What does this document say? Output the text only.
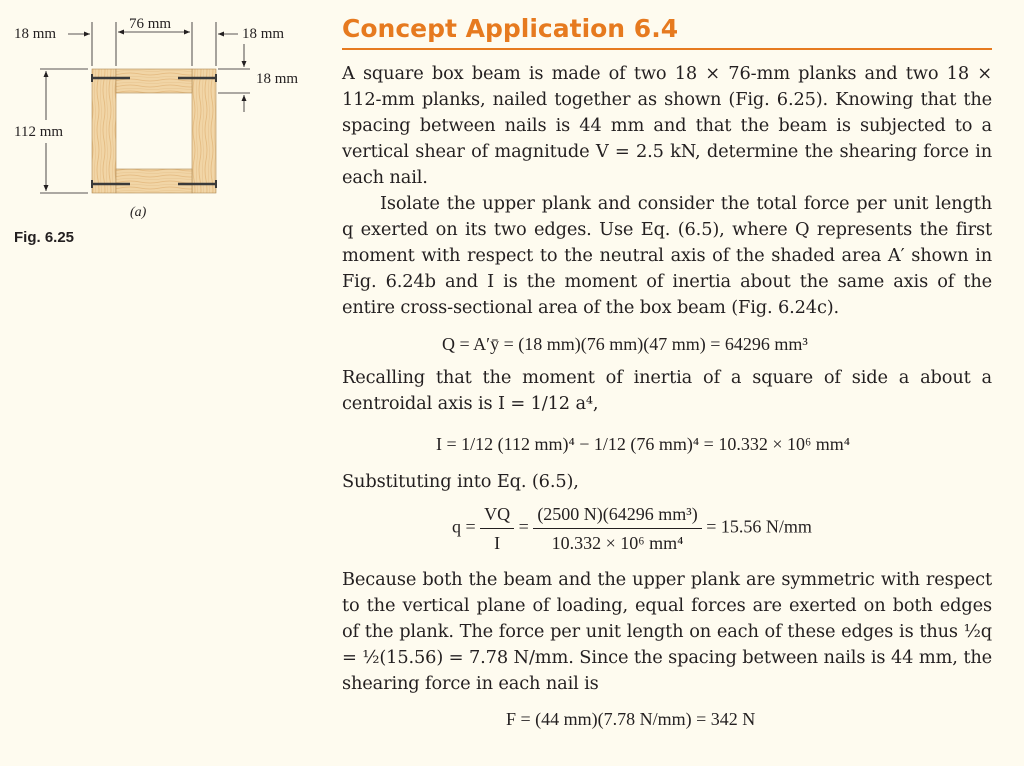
18 mm
76 mm
18 mm
18 mm
112 mm
(a)
Fig. 6.25
Concept Application 6.4

A square box beam is made of two 18 × 76-mm planks and two 18 × 112-mm planks, nailed together as shown (Fig. 6.25). Knowing that the spacing between nails is 44 mm and that the beam is subjected to a vertical shear of magnitude V = 2.5 kN, determine the shearing force in each nail.

Isolate the upper plank and consider the total force per unit length q exerted on its two edges. Use Eq. (6.5), where Q represents the first moment with respect to the neutral axis of the shaded area A′ shown in Fig. 6.24b and I is the moment of inertia about the same axis of the entire cross-sectional area of the box beam (Fig. 6.24c).

Q = A′ȳ = (18 mm)(76 mm)(47 mm) = 64296 mm³

Recalling that the moment of inertia of a square of side a about a centroidal axis is I = 1/12 a⁴,

I = 1/12 (112 mm)⁴ − 1/12 (76 mm)⁴ = 10.332 × 10⁶ mm⁴

Substituting into Eq. (6.5),

$q = \frac{VQ}{I} = \frac{\text{(2500 N)(64296 mm³)}}{\text{10.332 × 10⁶ mm⁴}} = 15.56$ N/mm

Because both the beam and the upper plank are symmetric with respect to the vertical plane of loading, equal forces are exerted on both edges of the plank. The force per unit length on each of these edges is thus ½q = ½(15.56) = 7.78 N/mm. Since the spacing between nails is 44 mm, the shearing force in each nail is

F = (44 mm)(7.78 N/mm) = 342 N
